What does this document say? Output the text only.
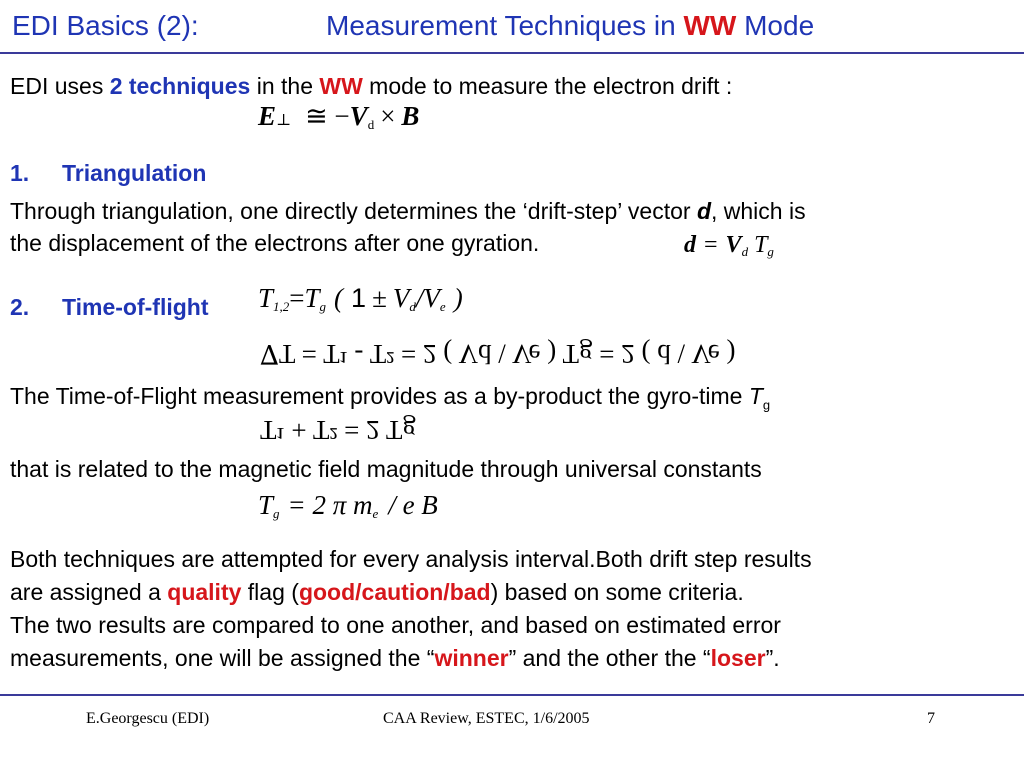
EDI Basics (2):	Measurement Techniques in WW Mode
EDI uses 2 techniques in the WW mode to measure the electron drift :
E⊥ ≅ $-V_d \times B$
1. Triangulation
Through triangulation, one directly determines the ‘drift-step’ vector d, which is
the displacement of the electrons after one gyration.	$d = V_d$ $T_g$
2. Time-of-flight $T_{1,2}=T_g$ ( $1 \pm V_d/V_e$ )
∇T = T¹ - T² = 2 ( Vd \ Ve ) Tg = 2 ( d \ Ve )
The Time-of-Flight measurement provides as a by-product the gyro-time $T_g$
T¹ + T² = 2 Tg
that is related to the magnetic field magnitude through universal constants
$T_g = 2$ π $m_e$ / e B
Both techniques are attempted for every analysis interval.Both drift step results
are assigned a quality flag (good/caution/bad) based on some criteria.
The two results are compared to one another, and based on estimated error
measurements, one will be assigned the “winner” and the other the “loser”.
E.Georgescu (EDI)	CAA Review, ESTEC, 1/6/2005	7
